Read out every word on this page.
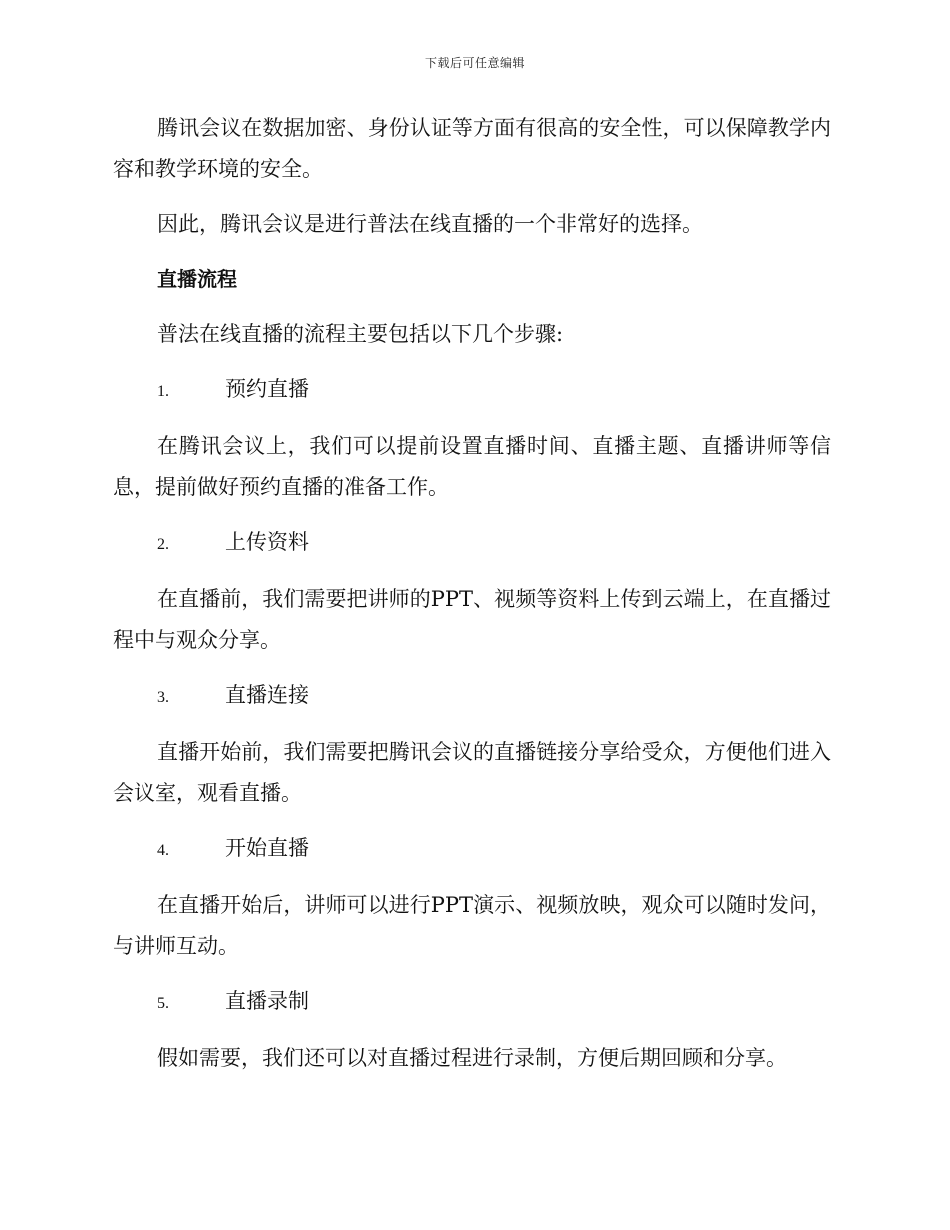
下载后可任意编辑

腾讯会议在数据加密、身份认证等方面有很高的安全性，可以保障教学内容和教学环境的安全。

因此，腾讯会议是进行普法在线直播的一个非常好的选择。

直播流程

普法在线直播的流程主要包括以下几个步骤:

1.	预约直播

在腾讯会议上，我们可以提前设置直播时间、直播主题、直播讲师等信息，提前做好预约直播的准备工作。

2.	上传资料

在直播前，我们需要把讲师的PPT、视频等资料上传到云端上，在直播过程中与观众分享。

3.	直播连接

直播开始前，我们需要把腾讯会议的直播链接分享给受众，方便他们进入会议室，观看直播。

4.	开始直播

在直播开始后，讲师可以进行PPT演示、视频放映，观众可以随时发问，与讲师互动。

5.	直播录制

假如需要，我们还可以对直播过程进行录制，方便后期回顾和分享。
